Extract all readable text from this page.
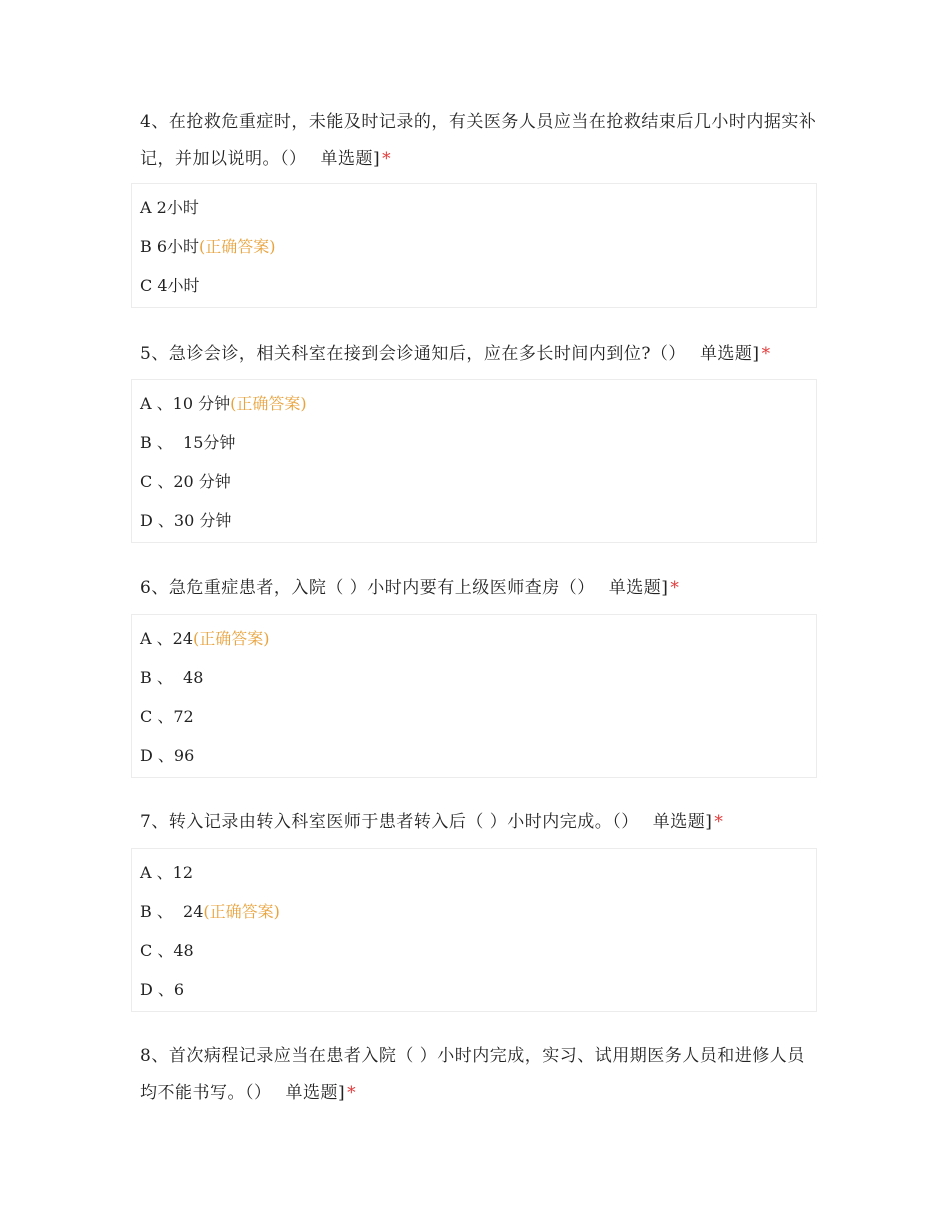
4、在抢救危重症时，未能及时记录的，有关医务人员应当在抢救结束后几小时内据实补记，并加以说明。（） 单选题] *

A 2小时
B 6小时(正确答案)
C 4小时

5、急诊会诊，相关科室在接到会诊通知后，应在多长时间内到位?（） 单选题] *

A 、10 分钟(正确答案)
B 、  15分钟
C 、20 分钟
D 、30 分钟

6、急危重症患者，入院（ ）小时内要有上级医师查房（） 单选题] *

A 、24(正确答案)
B 、  48
C 、72
D 、96

7、转入记录由转入科室医师于患者转入后（ ）小时内完成。（） 单选题] *

A 、12
B 、  24(正确答案)
C 、48
D 、6

8、首次病程记录应当在患者入院（ ）小时内完成，实习、试用期医务人员和进修人员均不能书写。（） 单选题] *
